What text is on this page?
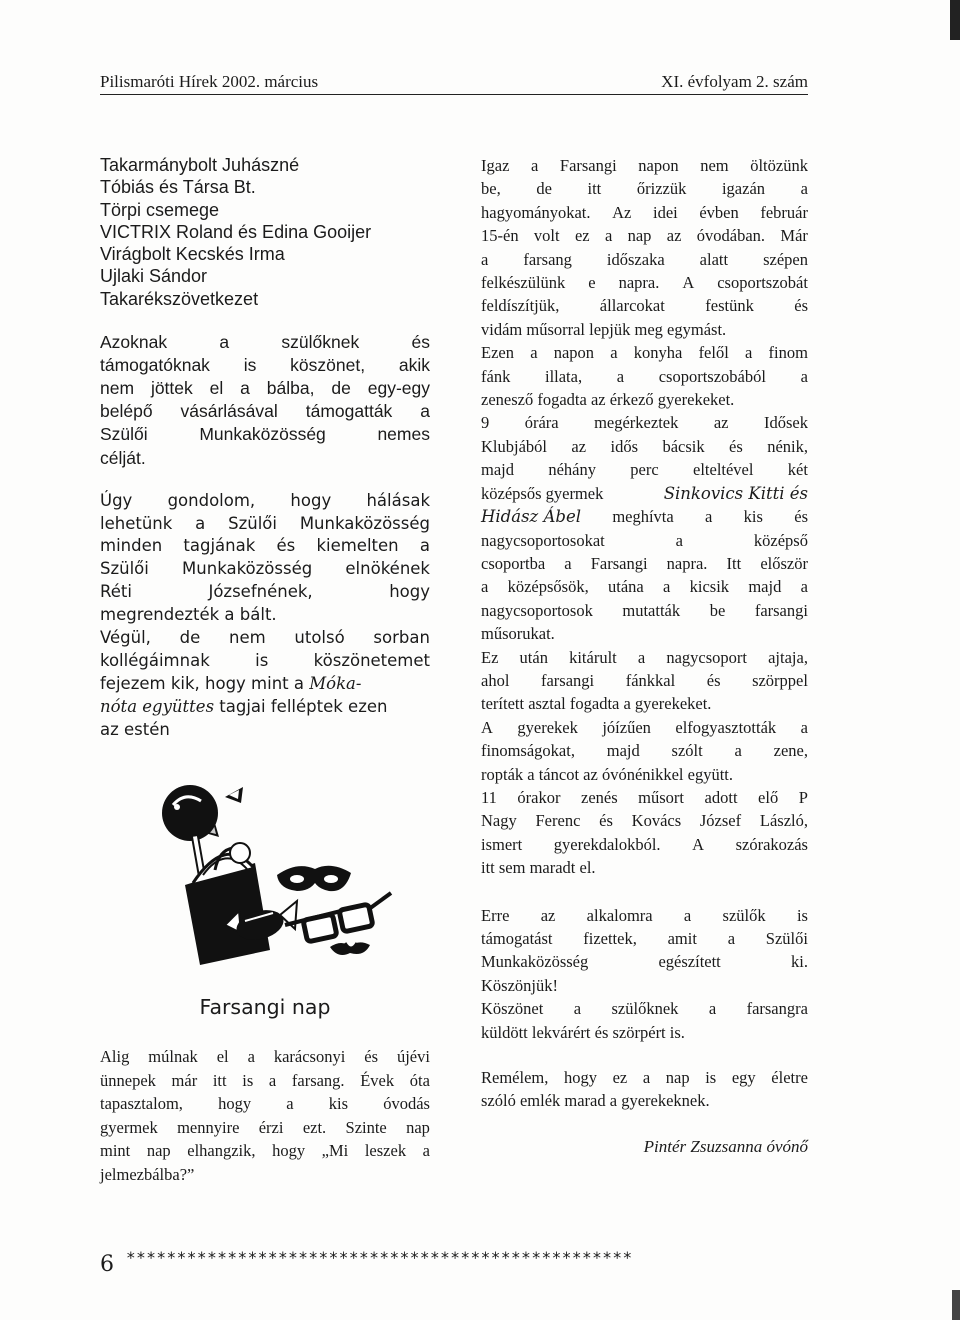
Pilismaróti Hírek 2002. március	XI. évfolyam 2. szám
Takarmánybolt Juhászné
Tóbiás és Társa Bt.
Törpi csemege
VICTRIX Roland és Edina Gooijer
Virágbolt Kecskés Irma
Ujlaki Sándor
Takarékszövetkezet
Azoknak	a	szülőknek	és
támogatóknak is köszönet, akik
nem jöttek el a bálba, de egy-egy
belépő vásárlásával támogatták a
Szülői	Munkaközösség	nemes
célját.
Úgy gondolom, hogy hálásak
lehetünk a Szülői Munkaközösség
minden tagjának és kiemelten a
Szülői Munkaközösség elnökének
Réti	Józsefnének,	hogy
megrendezték a bált.
Végül, de nem utolsó sorban
kollégáimnak	is	köszönetemet
fejezem kik, hogy mint a Móka-
nóta együttes tagjai felléptek ezen
az estén
Farsangi nap
Alig múlnak el a karácsonyi és újévi
ünnepek már itt is a farsang. Évek óta
tapasztalom, hogy a kis óvodás
gyermek mennyire érzi ezt. Szinte nap
mint nap elhangzik, hogy „Mi leszek a
jelmezbálba?”
Igaz a Farsangi napon nem öltözünk
be, de itt őrizzük igazán a
hagyományokat. Az idei évben február
15-én volt ez a nap az óvodában. Már
a farsang időszaka alatt szépen
felkészülünk e napra. A csoportszobát
feldíszítjük, állarcokat festünk és
vidám műsorral lepjük meg egymást.
Ezen a napon a konyha felől a finom
fánk illata, a csoportszobából a
zenesző fogadta az érkező gyerekeket.
9 órára megérkeztek az Idősek
Klubjából az idős bácsik és nénik,
majd néhány perc elteltével két
középsős gyermek	Sinkovics Kitti és
Hidász Ábel meghívta a kis és
nagycsoportosokat	a	középső
csoportba a Farsangi napra. Itt először
a középsősök, utána a kicsik majd a
nagycsoportosok mutatták be farsangi
műsorukat.
Ez után kitárult a nagycsoport ajtaja,
ahol farsangi fánkkal és szörppel
terített asztal fogadta a gyerekeket.
A gyerekek jóízűen elfogyasztották a
finomságokat, majd szólt a zene,
ropták a táncot az óvónénikkel együtt.
11 órakor zenés műsort adott elő P
Nagy Ferenc és Kovács József László,
ismert gyerekdalokból. A szórakozás
itt sem maradt el.
Erre az alkalomra a szülők is
támogatást fizettek, amit a Szülői
Munkaközösség	egészített	ki.
Köszönjük!
Köszönet a szülőknek a farsangra
küldött lekvárért és szörpért is.
Remélem, hogy ez a nap is egy életre
szóló emlék marad a gyerekeknek.
Pintér Zsuzsanna óvónő
6 **************************************************
